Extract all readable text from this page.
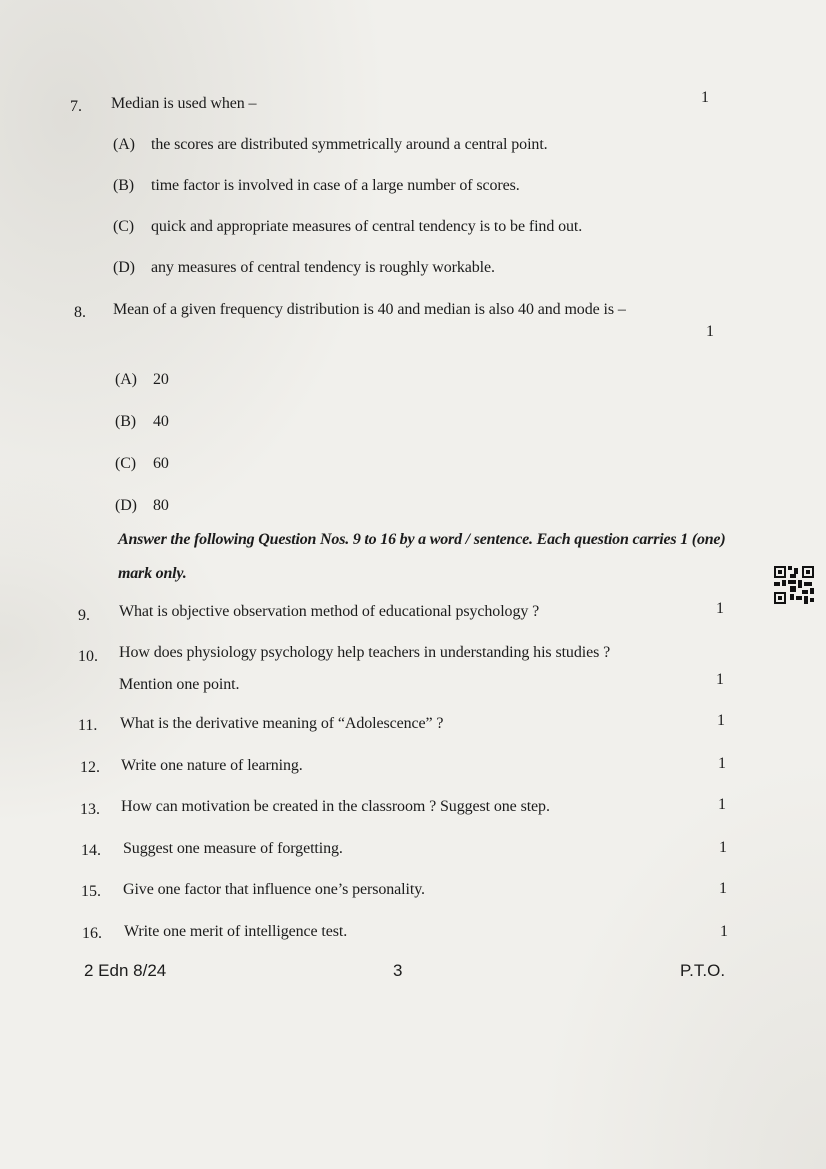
7. Median is used when –	1
(A) the scores are distributed symmetrically around a central point.
(B) time factor is involved in case of a large number of scores.
(C) quick and appropriate measures of central tendency is to be find out.
(D) any measures of central tendency is roughly workable.
8. Mean of a given frequency distribution is 40 and median is also 40 and mode is –
1
(A) 20
(B) 40
(C) 60
(D) 80
Answer the following Question Nos. 9 to 16 by a word / sentence. Each question carries 1 (one) mark only.
9. What is objective observation method of educational psychology ?	1
10. How does physiology psychology help teachers in understanding his studies ?
Mention one point.	1
11. What is the derivative meaning of “Adolescence” ?	1
12. Write one nature of learning.	1
13. How can motivation be created in the classroom ? Suggest one step.	1
14. Suggest one measure of forgetting.	1
15. Give one factor that influence one’s personality.	1
16. Write one merit of intelligence test.	1
2 Edn 8/24	3	P.T.O.
